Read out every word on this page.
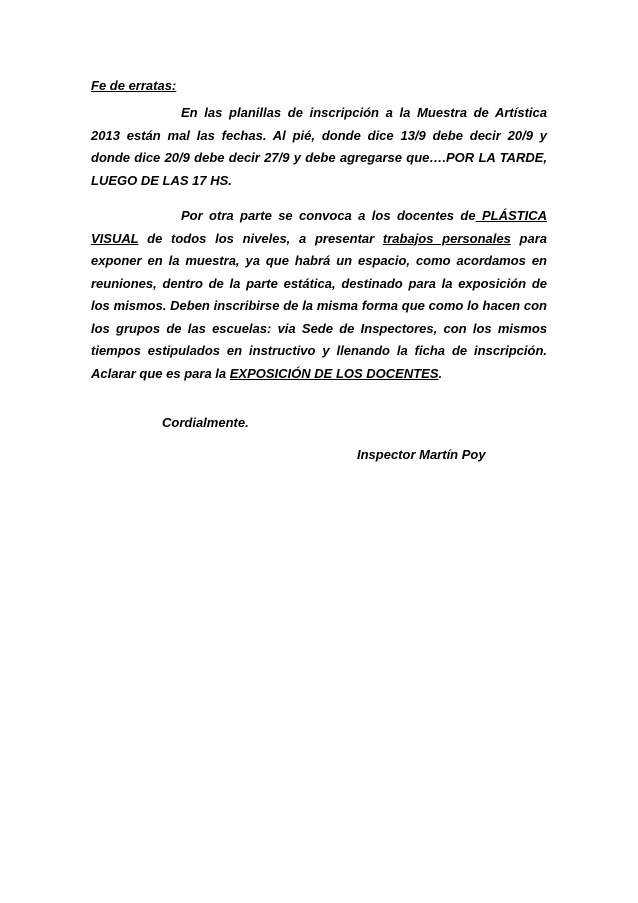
Fe de erratas:
En las planillas de inscripción a la Muestra de Artística 2013 están mal las fechas. Al pié, donde dice 13/9 debe decir 20/9 y donde dice 20/9 debe decir 27/9 y debe agregarse que….POR LA TARDE, LUEGO DE LAS 17 HS.
Por otra parte se convoca a los docentes de PLÁSTICA VISUAL de todos los niveles, a presentar trabajos personales para exponer en la muestra, ya que habrá un espacio, como acordamos en reuniones, dentro de la parte estática, destinado para la exposición de los mismos. Deben inscribirse de la misma forma que como lo hacen con los grupos de las escuelas: via Sede de Inspectores, con los mismos tiempos estipulados en instructivo y llenando la ficha de inscripción. Aclarar que es para la EXPOSICIÓN DE LOS DOCENTES.
Cordialmente.
Inspector Martín Poy
